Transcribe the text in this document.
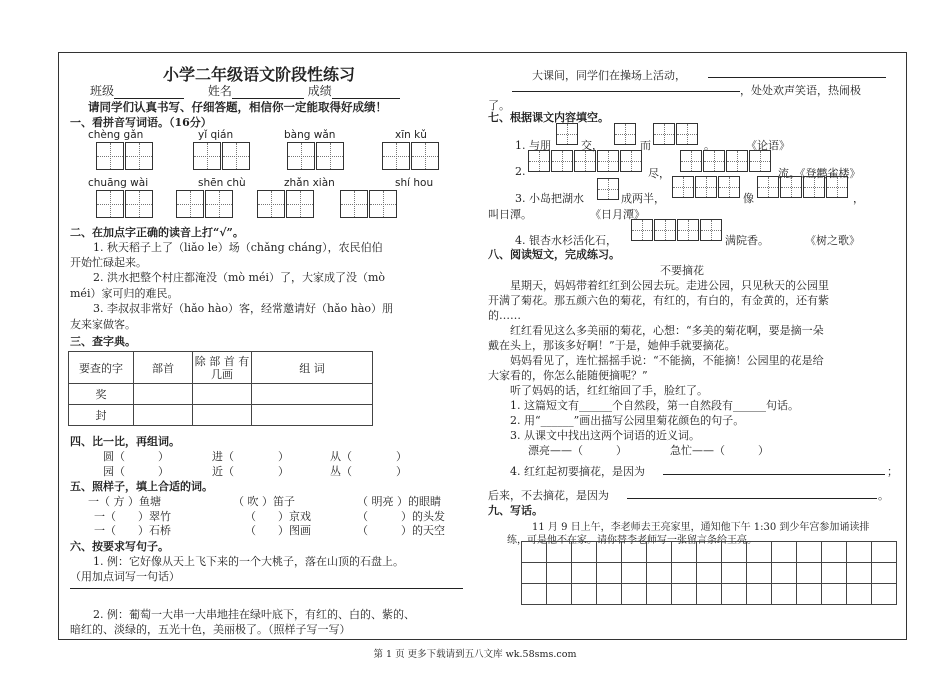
小学二年级语文阶段性练习
班级	姓名	成绩
请同学们认真书写、仔细答题，相信你一定能取得好成绩！
一、看拼音写词语。（16分）
chèng gǎn	yǐ qián	bàng wǎn	xīn kǔ
chuāng wài	shēn chù	zhǎn xiàn	shí hou
二、在加点字正确的读音上打“√”。
1. 秋天稻子上了（liǎo le）场（chǎng cháng），农民伯伯
开始忙碌起来。
2. 洪水把整个村庄都淹没（mò méi）了，大家成了没（mò
méi）家可归的难民。
3. 李叔叔非常好（hǎo hào）客，经常邀请好（hǎo hào）朋
友来家做客。
三、查字典。
要查的字	部首	除 部 首 有几画	组 词
奖			
封			
四、比一比，再组词。
圆（　　　）	进（　　　　）	从（　　　　）
园（　　　）	近（　　　　）	丛（　　　　）
五、照样子，填上合适的词。
一（ 方 ）鱼塘	（ 吹 ）笛子	（ 明亮 ）的眼睛
一（　　）翠竹	（　　）京戏	（　　　）的头发
一（　　）石桥	（　　）图画	（　　　）的天空
六、按要求写句子。
1. 例：它好像从天上飞下来的一个大桃子，落在山顶的石盘上。
（用加点词写一句话）
2. 例：葡萄一大串一大串地挂在绿叶底下，有红的、白的、紫的、
暗红的、淡绿的，五光十色，美丽极了。（照样子写一写）
大课间，同学们在操场上活动，
，处处欢声笑语，热闹极
了。
七、根据课文内容填空。
1. 与朋	交，	而	。	《论语》
2.	尽，	流。《登鹳雀楼》
3. 小岛把湖水	成两半，	像	，
叫日潭。	《日月潭》
4. 银杏水杉活化石，	满院香。	《树之歌》
八、阅读短文，完成练习。
不要摘花
星期天，妈妈带着红红到公园去玩。走进公园，只见秋天的公园里
开满了菊花。那五颜六色的菊花，有红的，有白的，有金黄的，还有紫
的……
红红看见这么多美丽的菊花，心想：“多美的菊花啊，要是摘一朵
戴在头上，那该多好啊！”于是，她伸手就要摘花。
妈妈看见了，连忙摇摇手说：“不能摘，不能摘！公园里的花是给
大家看的，你怎么能随便摘呢？”
听了妈妈的话，红红缩回了手，脸红了。
1. 这篇短文有______个自然段，第一自然段有______句话。
2. 用“______”画出描写公园里菊花颜色的句子。
3. 从课文中找出这两个词语的近义词。
漂亮——（　　　）	急忙——（　　　）
4. 红红起初要摘花，是因为	；
后来，不去摘花，是因为	。
九、写话。
11 月 9 日上午，李老师去王亮家里，通知他下午 1:30 到少年宫参加诵读排
练，可是他不在家。请你替李老师写一张留言条给王亮。

第 1 页 更多下载请到五八文库 wk.58sms.com
